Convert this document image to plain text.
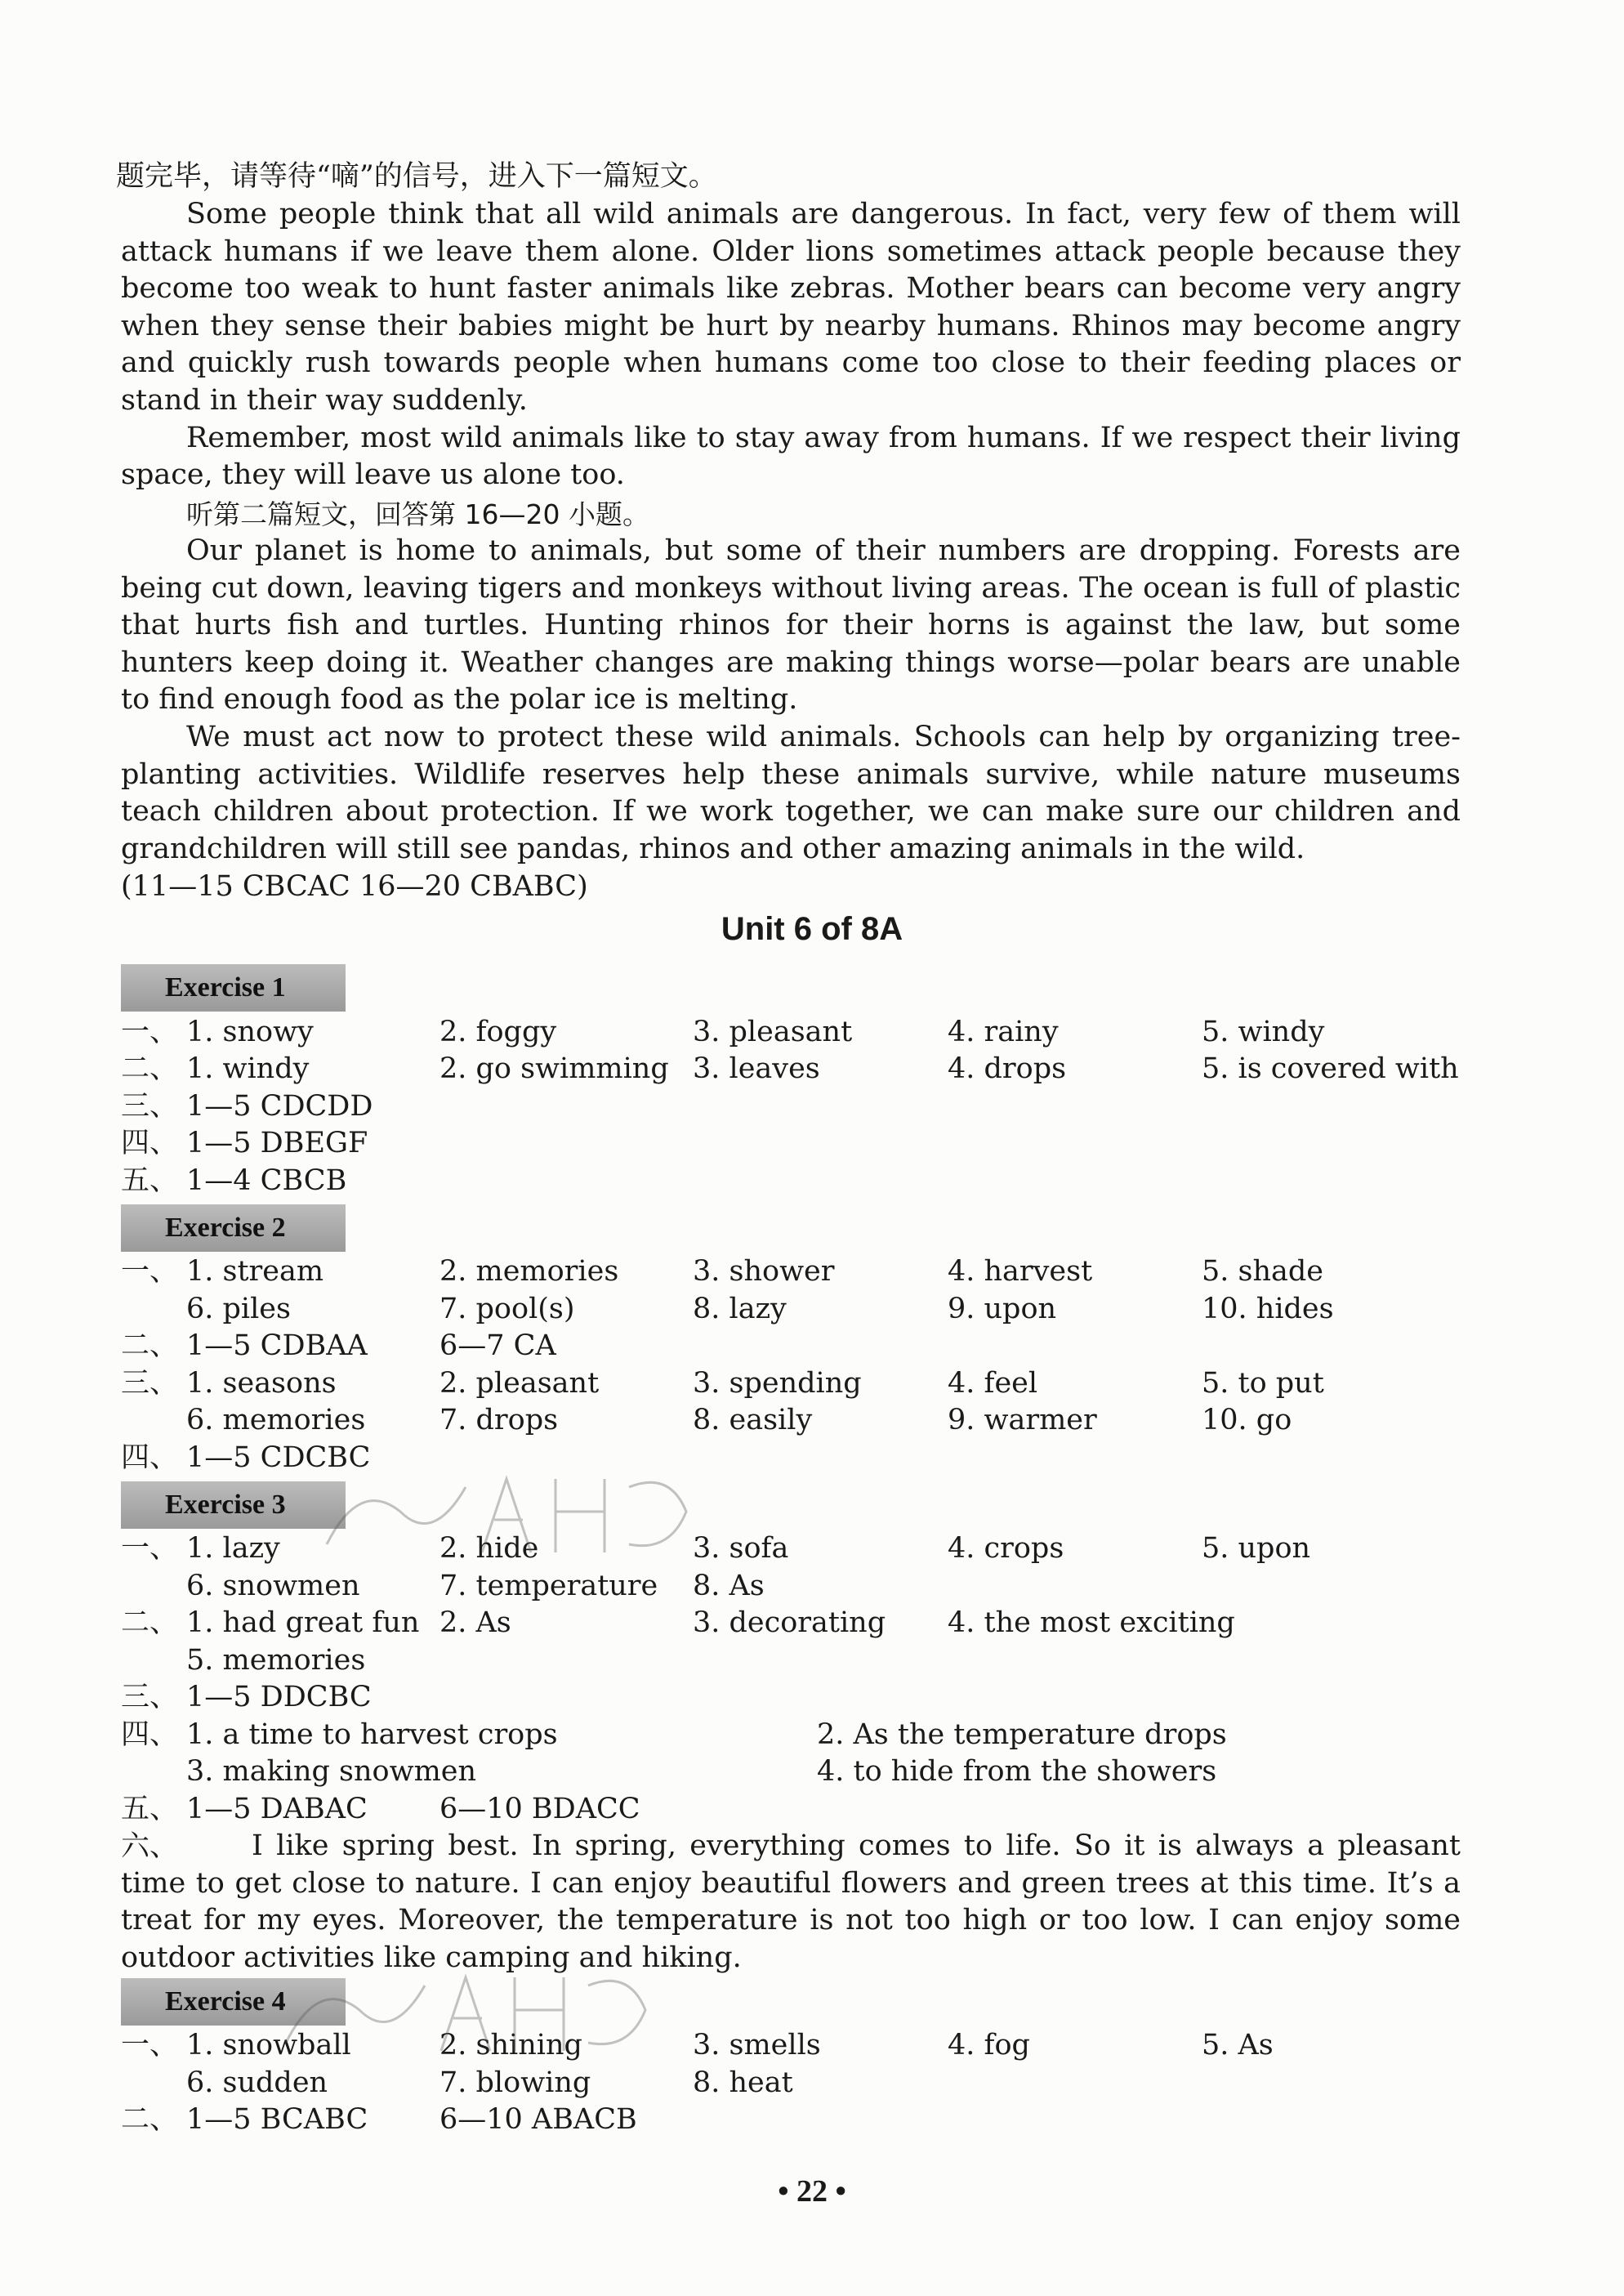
题完毕，请等待“嘀”的信号，进入下一篇短文。

Some people think that all wild animals are dangerous. In fact, very few of them will attack humans if we leave them alone. Older lions sometimes attack people because they become too weak to hunt faster animals like zebras. Mother bears can become very angry when they sense their babies might be hurt by nearby humans. Rhinos may become angry and quickly rush towards people when humans come too close to their feeding places or stand in their way suddenly.

Remember, most wild animals like to stay away from humans. If we respect their living space, they will leave us alone too.

听第二篇短文，回答第 16—20 小题。

Our planet is home to animals, but some of their numbers are dropping. Forests are being cut down, leaving tigers and monkeys without living areas. The ocean is full of plastic that hurts fish and turtles. Hunting rhinos for their horns is against the law, but some hunters keep doing it. Weather changes are making things worse—polar bears are unable to find enough food as the polar ice is melting.

We must act now to protect these wild animals. Schools can help by organizing tree-planting activities. Wildlife reserves help these animals survive, while nature museums teach children about protection. If we work together, we can make sure our children and grandchildren will still see pandas, rhinos and other amazing animals in the wild.

(11—15 CBCAC 16—20 CBABC)
Unit 6 of 8A
Exercise 1
一、 1. snowy	2. foggy	3. pleasant	4. rainy	5. windy
二、 1. windy	2. go swimming 3. leaves	4. drops	5. is covered with
三、 1—5 CDCDD
四、 1—5 DBEGF
五、 1—4 CBCB
Exercise 2
一、 1. stream	2. memories	3. shower	4. harvest	5. shade
6. piles	7. pool(s)	8. lazy	9. upon	10. hides
二、 1—5 CDBAA	6—7 CA
三、 1. seasons	2. pleasant	3. spending	4. feel	5. to put
6. memories	7. drops	8. easily	9. warmer	10. go
四、 1—5 CDCBC
Exercise 3
一、 1. lazy	2. hide	3. sofa	4. crops	5. upon
6. snowmen	7. temperature 8. As
二、 1. had great fun 2. As	3. decorating 4. the most exciting
5. memories
三、 1—5 DDCBC
四、 1. a time to harvest crops	2. As the temperature drops
3. making snowmen	4. to hide from the showers
五、 1—5 DABAC	6—10 BDACC
六、	I like spring best. In spring, everything comes to life. So it is always a pleasant time to get close to nature. I can enjoy beautiful flowers and green trees at this time. It’s a treat for my eyes. Moreover, the temperature is not too high or too low. I can enjoy some outdoor activities like camping and hiking.

Exercise 4
一、 1. snowball	2. shining	3. smells	4. fog	5. As
6. sudden	7. blowing	8. heat
二、 1—5 BCABC	6—10 ABACB
• 22 •
